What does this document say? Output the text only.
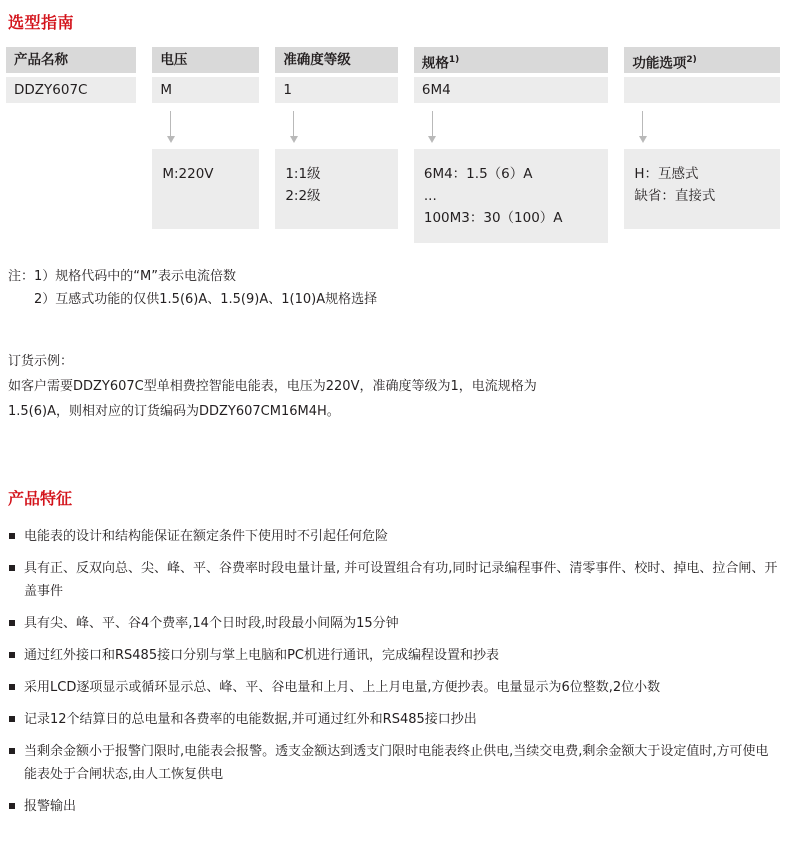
选型指南
产品名称
DDZY607C
电压
M
M:220V
准确度等级
1
1:1级
2:2级
规格$^{1)}$
6M4
6M4：1.5（6）A
...
100M3：30（100）A
功能选项$^{2)}$
H：互感式
缺省：直接式
注：1）规格代码中的“M”表示电流倍数
2）互感式功能的仅供1.5(6)A、1.5(9)A、1(10)A规格选择
订货示例：
如客户需要DDZY607C型单相费控智能电能表，电压为220V，准确度等级为1，电流规格为
1.5(6)A，则相对应的订货编码为DDZY607CM16M4H。
产品特征
电能表的设计和结构能保证在额定条件下使用时不引起任何危险
具有正、反双向总、尖、峰、平、谷费率时段电量计量, 并可设置组合有功,同时记录编程事件、清零事件、校时、掉电、拉合闸、开盖事件
具有尖、峰、平、谷4个费率,14个日时段,时段最小间隔为15分钟
通过红外接口和RS485接口分别与掌上电脑和PC机进行通讯，完成编程设置和抄表
采用LCD逐项显示或循环显示总、峰、平、谷电量和上月、上上月电量,方便抄表。电量显示为6位整数,2位小数
记录12个结算日的总电量和各费率的电能数据,并可通过红外和RS485接口抄出
当剩余金额小于报警门限时,电能表会报警。透支金额达到透支门限时电能表终止供电,当续交电费,剩余金额大于设定值时,方可使电能表处于合闸状态,由人工恢复供电
报警输出
